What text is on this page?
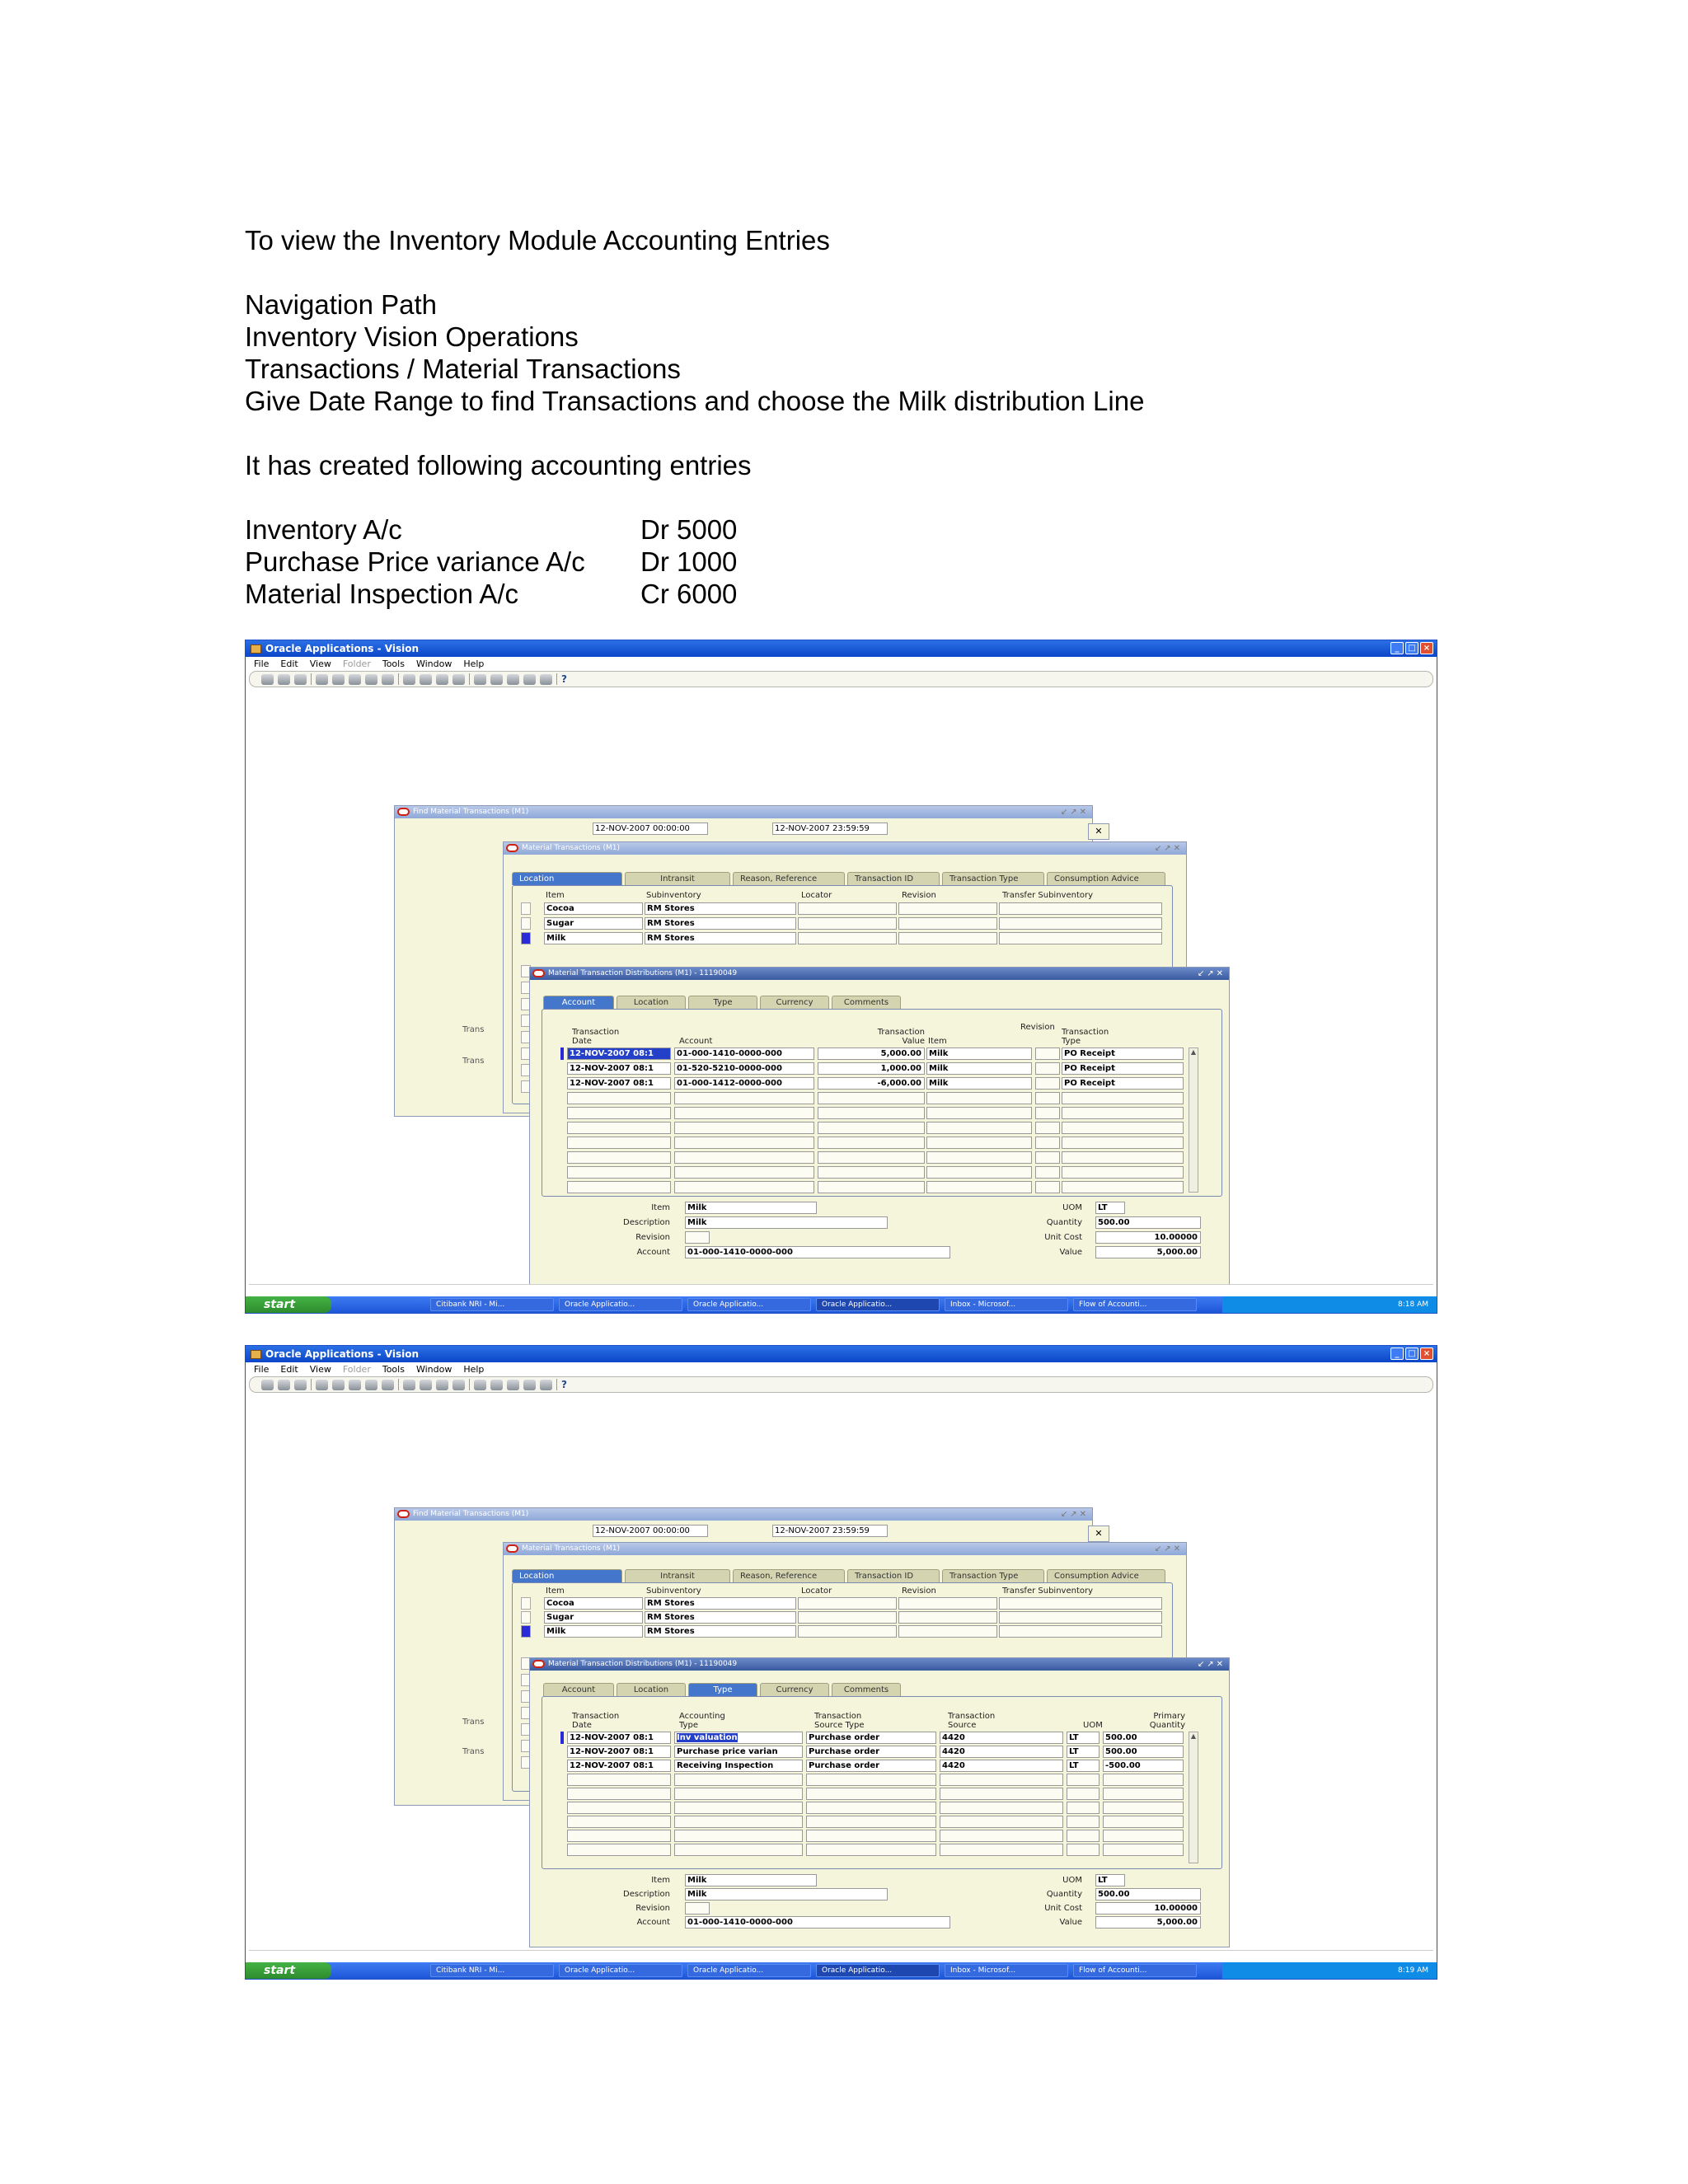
To view the Inventory Module Accounting Entries
Navigation Path
Inventory Vision Operations
Transactions / Material Transactions
Give Date Range to find Transactions and choose the Milk distribution Line
It has created following accounting entries
Inventory A/c	Dr 5000
Purchase Price variance A/c	Dr 1000
Material Inspection A/c	Cr 6000
Oracle Applications - Vision	_	□ ×
File Edit View Folder Tools Window Help
?
Find Material Transactions (M1)	↙↗✕
12-NOV-2007 00:00:00	12-NOV-2007 23:59:59
Trans
Trans
✕
Material Transactions (M1)	↙↗✕
Location	Intransit	Reason, Reference	Transaction ID	Transaction Type	Consumption Advice
Item	Subinventory	Locator	Revision	Transfer Subinventory
Cocoa	RM Stores
Sugar	RM Stores
Milk	RM Stores
Material Transaction Distributions (M1) - 11190049	↙↗✕
Account	Location	Type	Currency	Comments
Transaction
Date	Account
Transaction
Value Item
Revision
Transaction
Type
12-NOV-2007 08:1	01-000-1410-0000-000	5,000.00 Milk	PO Receipt
12-NOV-2007 08:1	01-520-5210-0000-000	1,000.00 Milk	PO Receipt
12-NOV-2007 08:1	01-000-1412-0000-000	-6,000.00 Milk	PO Receipt
▲
Item	Milk
Description	Milk
Revision
Account	01-000-1410-0000-000
UOM	LT
Quantity	500.00
Unit Cost	10.00000
Value	5,000.00
start	Citibank NRI - Mi...	Oracle Applicatio...	Oracle Applicatio...	Oracle Applicatio...	Inbox - Microsof...	Flow of Accounti...	8:18 AM
Oracle Applications - Vision	_	□ ×
File Edit View Folder Tools Window Help
?
Find Material Transactions (M1)	↙↗✕
12-NOV-2007 00:00:00	12-NOV-2007 23:59:59
Trans
Trans
✕
Material Transactions (M1)	↙↗✕
Location	Intransit	Reason, Reference	Transaction ID	Transaction Type	Consumption Advice
Item	Subinventory	Locator	Revision	Transfer Subinventory
Cocoa	RM Stores
Sugar	RM Stores
Milk	RM Stores
Material Transaction Distributions (M1) - 11190049	↙↗✕
Account	Location	Type	Currency	Comments
Transaction
Date
Accounting
Type
Transaction
Source Type
Transaction
Source	UOM
Primary
Quantity
12-NOV-2007 08:1	Inv valuation	Purchase order	4420	LT	500.00
12-NOV-2007 08:1	Purchase price varian	Purchase order	4420	LT	500.00
12-NOV-2007 08:1	Receiving Inspection	Purchase order	4420	LT	-500.00
▲
Item	Milk
Description	Milk
Revision
Account	01-000-1410-0000-000
UOM	LT
Quantity	500.00
Unit Cost	10.00000
Value	5,000.00
start	Citibank NRI - Mi...	Oracle Applicatio...	Oracle Applicatio...	Oracle Applicatio...	Inbox - Microsof...	Flow of Accounti...	8:19 AM
